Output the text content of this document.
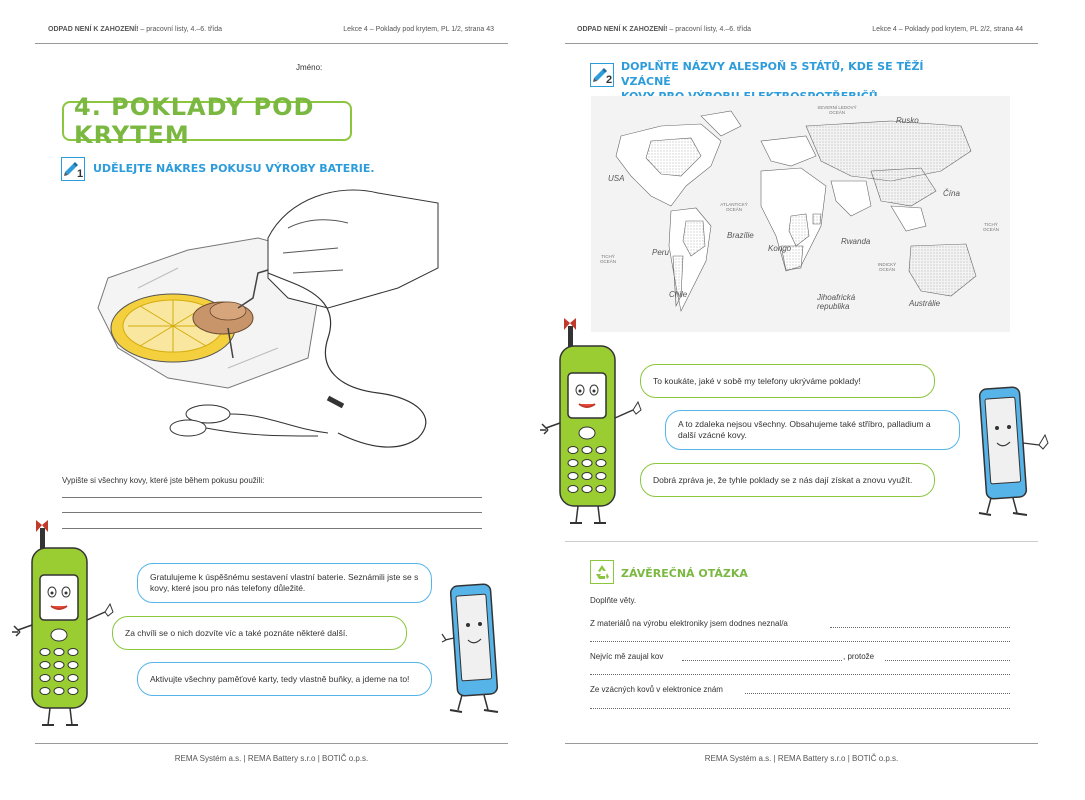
ODPAD NENÍ K ZAHOZENÍ! – pracovní listy, 4.–6. třída	Lekce 4 – Poklady pod krytem, PL 1/2, strana 43
Jméno:
4. POKLADY POD KRYTEM
1 UDĚLEJTE NÁKRES POKUSU VÝROBY BATERIE.
Vypište si všechny kovy, které jste během pokusu použili:
Gratulujeme k úspěšnému sestavení vlastní baterie. Seznámili jste se s kovy, které jsou pro nás telefony důležité.
Za chvíli se o nich dozvíte víc a také poznáte některé další.
Aktivujte všechny paměťové karty, tedy vlastně buňky, a jdeme na to!
REMA Systém a.s. | REMA Battery s.r.o | BOTIČ o.p.s.
ODPAD NENÍ K ZAHOZENÍ! – pracovní listy, 4.–6. třída	Lekce 4 – Poklady pod krytem, PL 2/2, strana 44
2
DOPLŇTE NÁZVY ALESPOŇ 5 STÁTŮ, KDE SE TĚŽÍ VZÁCNÉ
SEVERNÍ LEDOVÝ
OCEÁN
ATLANTICKÝ
OCEÁN
TICHÝ
OCEÁN
TICHÝ
OCEÁN
INDICKÝ
OCEÁN
Rusko
USA
Čína
Brazílie
Kongo
Rwanda
Peru
Chile	Jihoafrická
republika	Austrálie
To koukáte, jaké v sobě my telefony ukrýváme poklady!
A to zdaleka nejsou všechny. Obsahujeme také stříbro, palladium a další vzácné kovy.
Dobrá zpráva je, že tyhle poklady se z nás dají získat a znovu využít.
ZÁVĚREČNÁ OTÁZKA
Doplňte věty.
Z materiálů na výrobu elektroniky jsem dodnes neznal/a
Nejvíc mě zaujal kov	, protože
Ze vzácných kovů v elektronice znám
REMA Systém a.s. | REMA Battery s.r.o | BOTIČ o.p.s.
